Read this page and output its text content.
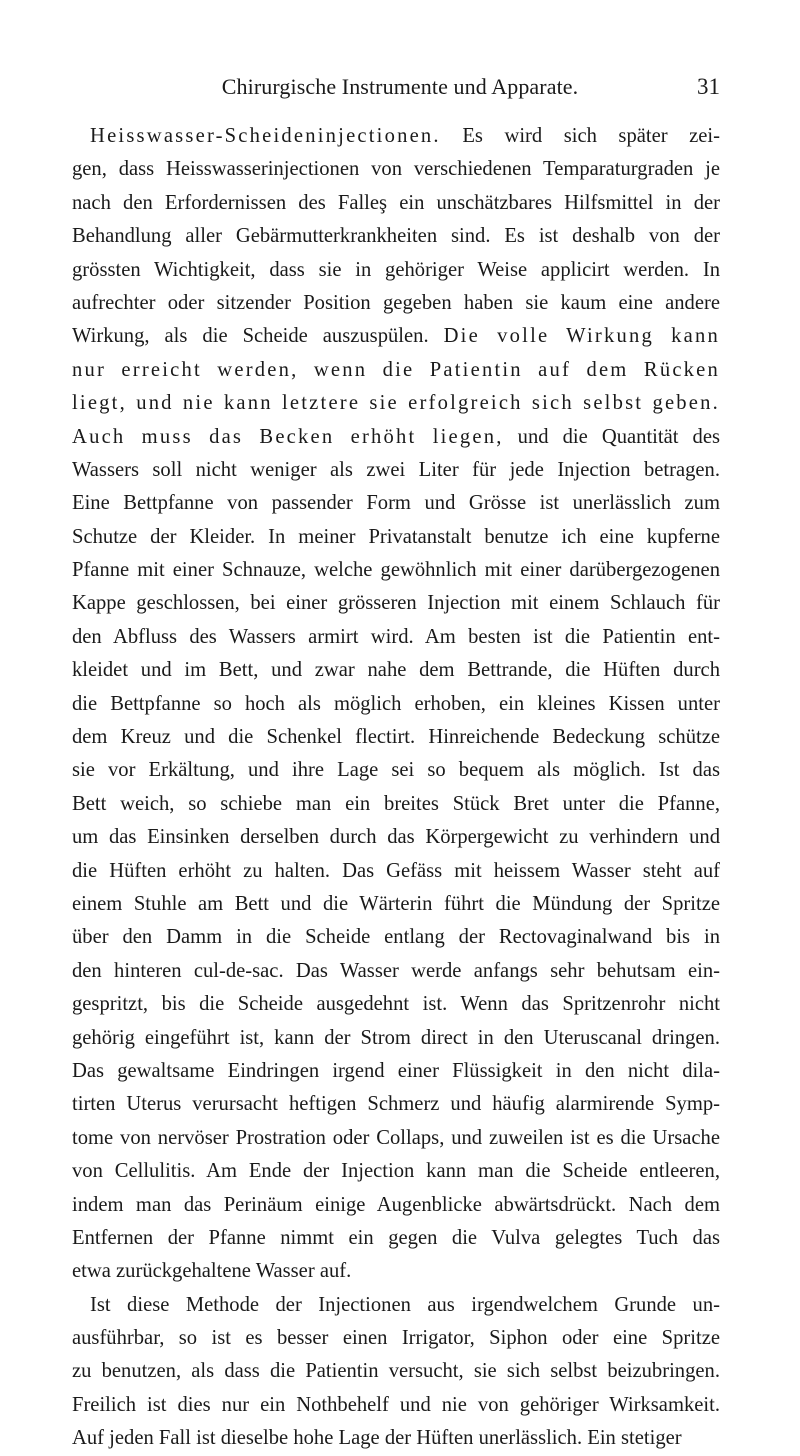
Chirurgische Instrumente und Apparate.	31
Heisswasser-Scheideninjectionen. Es wird sich später zei-
gen, dass Heisswasserinjectionen von verschiedenen Temparaturgraden je
nach den Erfordernissen des Falleş ein unschätzbares Hilfsmittel in der
Behandlung aller Gebärmutterkrankheiten sind. Es ist deshalb von der
grössten Wichtigkeit, dass sie in gehöriger Weise applicirt werden. In
aufrechter oder sitzender Position gegeben haben sie kaum eine andere
Wirkung, als die Scheide auszuspülen. Die volle Wirkung kann
nur erreicht werden, wenn die Patientin auf dem Rücken
liegt, und nie kann letztere sie erfolgreich sich selbst geben.
Auch muss das Becken erhöht liegen, und die Quantität des
Wassers soll nicht weniger als zwei Liter für jede Injection betragen.
Eine Bettpfanne von passender Form und Grösse ist unerlässlich zum
Schutze der Kleider. In meiner Privatanstalt benutze ich eine kupferne
Pfanne mit einer Schnauze, welche gewöhnlich mit einer darübergezogenen
Kappe geschlossen, bei einer grösseren Injection mit einem Schlauch für
den Abfluss des Wassers armirt wird. Am besten ist die Patientin ent-
kleidet und im Bett, und zwar nahe dem Bettrande, die Hüften durch
die Bettpfanne so hoch als möglich erhoben, ein kleines Kissen unter
dem Kreuz und die Schenkel flectirt. Hinreichende Bedeckung schütze
sie vor Erkältung, und ihre Lage sei so bequem als möglich. Ist das
Bett weich, so schiebe man ein breites Stück Bret unter die Pfanne,
um das Einsinken derselben durch das Körpergewicht zu verhindern und
die Hüften erhöht zu halten. Das Gefäss mit heissem Wasser steht auf
einem Stuhle am Bett und die Wärterin führt die Mündung der Spritze
über den Damm in die Scheide entlang der Rectovaginalwand bis in
den hinteren cul-de-sac. Das Wasser werde anfangs sehr behutsam ein-
gespritzt, bis die Scheide ausgedehnt ist. Wenn das Spritzenrohr nicht
gehörig eingeführt ist, kann der Strom direct in den Uteruscanal dringen.
Das gewaltsame Eindringen irgend einer Flüssigkeit in den nicht dila-
tirten Uterus verursacht heftigen Schmerz und häufig alarmirende Symp-
tome von nervöser Prostration oder Collaps, und zuweilen ist es die Ursache
von Cellulitis. Am Ende der Injection kann man die Scheide entleeren,
indem man das Perinäum einige Augenblicke abwärtsdrückt. Nach dem
Entfernen der Pfanne nimmt ein gegen die Vulva gelegtes Tuch das
etwa zurückgehaltene Wasser auf.
Ist diese Methode der Injectionen aus irgendwelchem Grunde un-
ausführbar, so ist es besser einen Irrigator, Siphon oder eine Spritze
zu benutzen, als dass die Patientin versucht, sie sich selbst beizubringen.
Freilich ist dies nur ein Nothbehelf und nie von gehöriger Wirksamkeit.
Auf jeden Fall ist dieselbe hohe Lage der Hüften unerlässlich. Ein stetiger
